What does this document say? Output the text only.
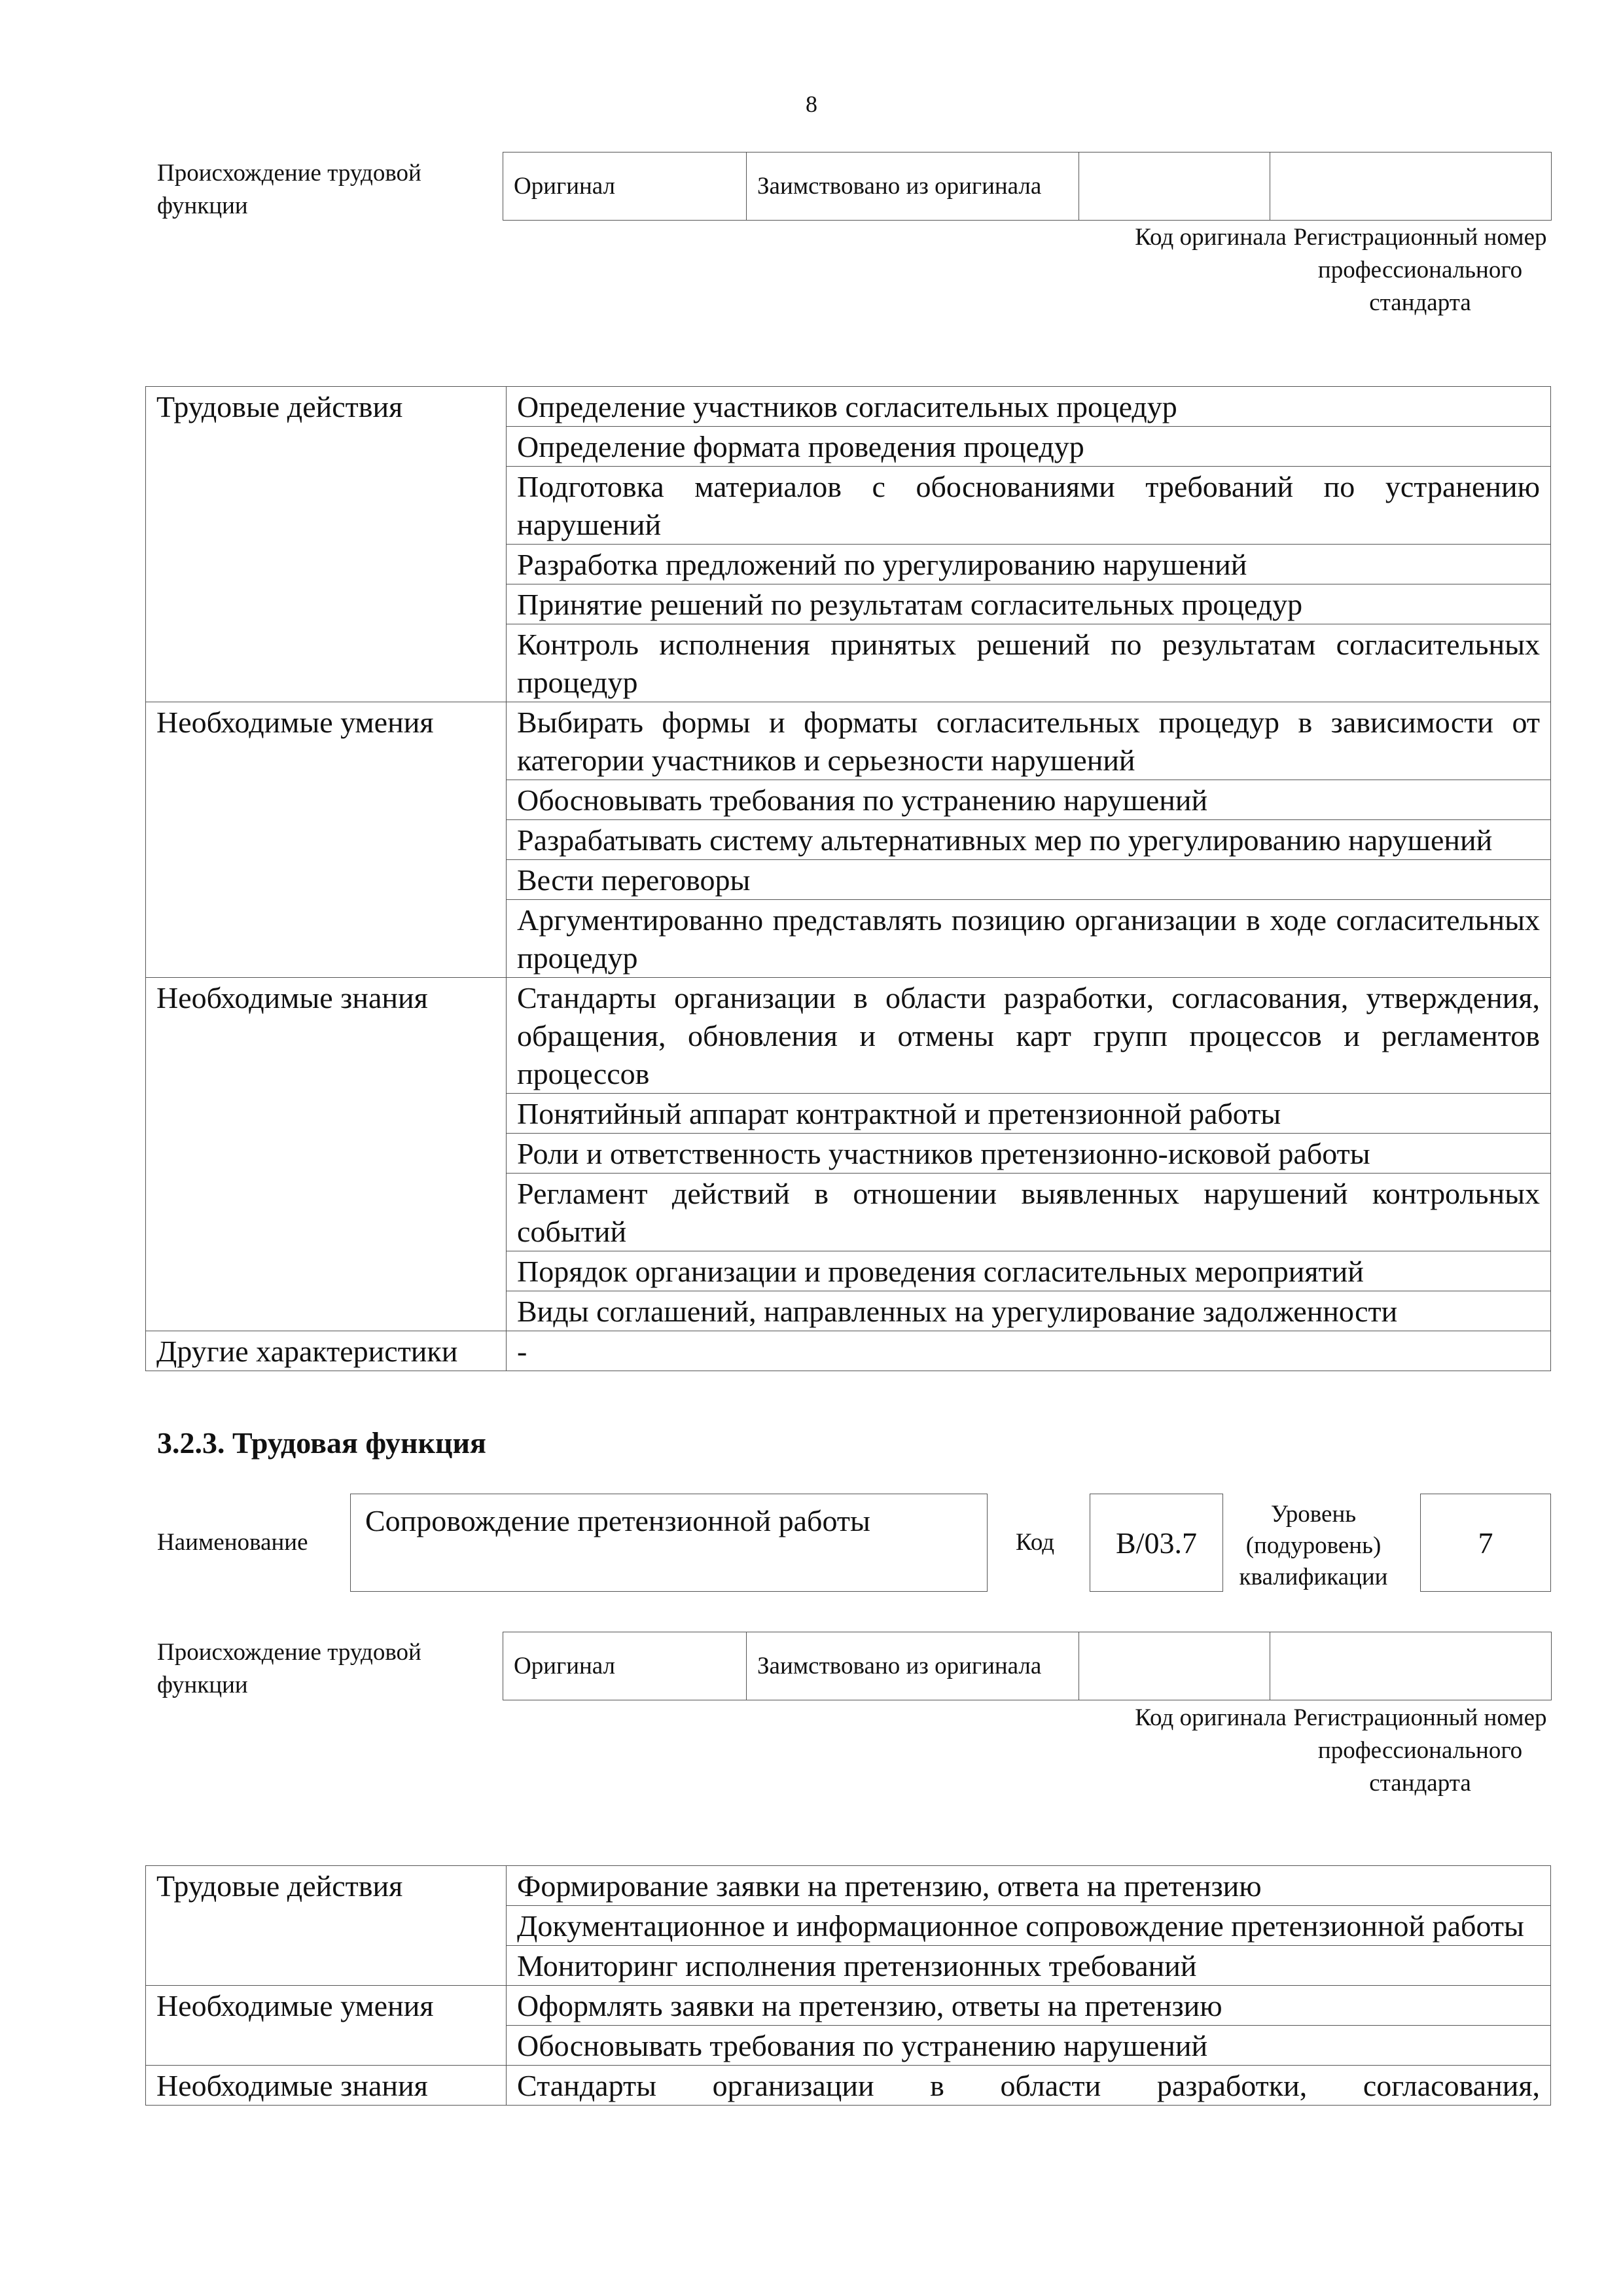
8
Происхождение трудовой функции
Оригинал	Заимствовано из оригинала		
Код оригинала Регистрационный номер профессионального стандарта
Трудовые действия	Определение участников согласительных процедур
	Определение формата проведения процедур
	Подготовка материалов с обоснованиями требований по устранению нарушений
	Разработка предложений по урегулированию нарушений
	Принятие решений по результатам согласительных процедур
	Контроль исполнения принятых решений по результатам согласительных процедур
Необходимые умения	Выбирать формы и форматы согласительных процедур в зависимости от категории участников и серьезности нарушений
	Обосновывать требования по устранению нарушений
	Разрабатывать систему альтернативных мер по урегулированию нарушений
	Вести переговоры
	Аргументированно представлять позицию организации в ходе согласительных процедур
Необходимые знания	Стандарты организации в области разработки, согласования, утверждения, обращения, обновления и отмены карт групп процессов и регламентов процессов
	Понятийный аппарат контрактной и претензионной работы
	Роли и ответственность участников претензионно-исковой работы
	Регламент действий в отношении выявленных нарушений контрольных событий
	Порядок организации и проведения согласительных мероприятий
	Виды соглашений, направленных на урегулирование задолженности
Другие характеристики	-
3.2.3. Трудовая функция
Наименование
Сопровождение претензионной работы
Код B/03.7
Уровень (подуровень) квалификации
7
Происхождение трудовой функции
Оригинал	Заимствовано из оригинала		
Код оригинала Регистрационный номер профессионального стандарта
Трудовые действия	Формирование заявки на претензию, ответа на претензию
	Документационное и информационное сопровождение претензионной работы
	Мониторинг исполнения претензионных требований
Необходимые умения	Оформлять заявки на претензию, ответы на претензию
	Обосновывать требования по устранению нарушений
Необходимые знания	Стандарты организации в области разработки, согласования,
